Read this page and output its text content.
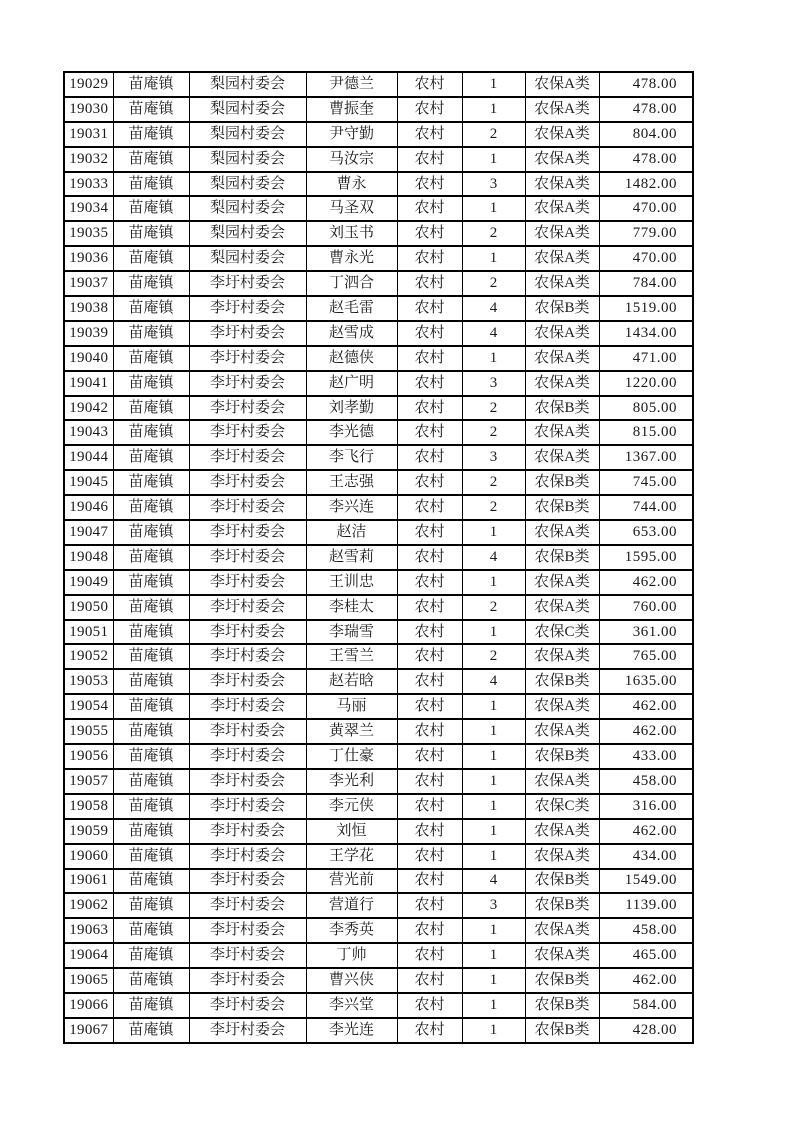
19029	苗庵镇	梨园村委会	尹德兰	农村	1	农保A类	478.00
19030	苗庵镇	梨园村委会	曹振奎	农村	1	农保A类	478.00
19031	苗庵镇	梨园村委会	尹守勤	农村	2	农保A类	804.00
19032	苗庵镇	梨园村委会	马汝宗	农村	1	农保A类	478.00
19033	苗庵镇	梨园村委会	曹永	农村	3	农保A类	1482.00
19034	苗庵镇	梨园村委会	马圣双	农村	1	农保A类	470.00
19035	苗庵镇	梨园村委会	刘玉书	农村	2	农保A类	779.00
19036	苗庵镇	梨园村委会	曹永光	农村	1	农保A类	470.00
19037	苗庵镇	李圩村委会	丁泗合	农村	2	农保A类	784.00
19038	苗庵镇	李圩村委会	赵毛雷	农村	4	农保B类	1519.00
19039	苗庵镇	李圩村委会	赵雪成	农村	4	农保A类	1434.00
19040	苗庵镇	李圩村委会	赵德侠	农村	1	农保A类	471.00
19041	苗庵镇	李圩村委会	赵广明	农村	3	农保A类	1220.00
19042	苗庵镇	李圩村委会	刘孝勤	农村	2	农保B类	805.00
19043	苗庵镇	李圩村委会	李光德	农村	2	农保A类	815.00
19044	苗庵镇	李圩村委会	李飞行	农村	3	农保A类	1367.00
19045	苗庵镇	李圩村委会	王志强	农村	2	农保B类	745.00
19046	苗庵镇	李圩村委会	李兴连	农村	2	农保B类	744.00
19047	苗庵镇	李圩村委会	赵洁	农村	1	农保A类	653.00
19048	苗庵镇	李圩村委会	赵雪莉	农村	4	农保B类	1595.00
19049	苗庵镇	李圩村委会	王训忠	农村	1	农保A类	462.00
19050	苗庵镇	李圩村委会	李桂太	农村	2	农保A类	760.00
19051	苗庵镇	李圩村委会	李瑞雪	农村	1	农保C类	361.00
19052	苗庵镇	李圩村委会	王雪兰	农村	2	农保A类	765.00
19053	苗庵镇	李圩村委会	赵若晗	农村	4	农保B类	1635.00
19054	苗庵镇	李圩村委会	马丽	农村	1	农保A类	462.00
19055	苗庵镇	李圩村委会	黄翠兰	农村	1	农保A类	462.00
19056	苗庵镇	李圩村委会	丁仕豪	农村	1	农保B类	433.00
19057	苗庵镇	李圩村委会	李光利	农村	1	农保A类	458.00
19058	苗庵镇	李圩村委会	李元侠	农村	1	农保C类	316.00
19059	苗庵镇	李圩村委会	刘恒	农村	1	农保A类	462.00
19060	苗庵镇	李圩村委会	王学花	农村	1	农保A类	434.00
19061	苗庵镇	李圩村委会	营光前	农村	4	农保B类	1549.00
19062	苗庵镇	李圩村委会	营道行	农村	3	农保B类	1139.00
19063	苗庵镇	李圩村委会	李秀英	农村	1	农保A类	458.00
19064	苗庵镇	李圩村委会	丁帅	农村	1	农保A类	465.00
19065	苗庵镇	李圩村委会	曹兴侠	农村	1	农保B类	462.00
19066	苗庵镇	李圩村委会	李兴堂	农村	1	农保B类	584.00
19067	苗庵镇	李圩村委会	李光连	农村	1	农保B类	428.00
